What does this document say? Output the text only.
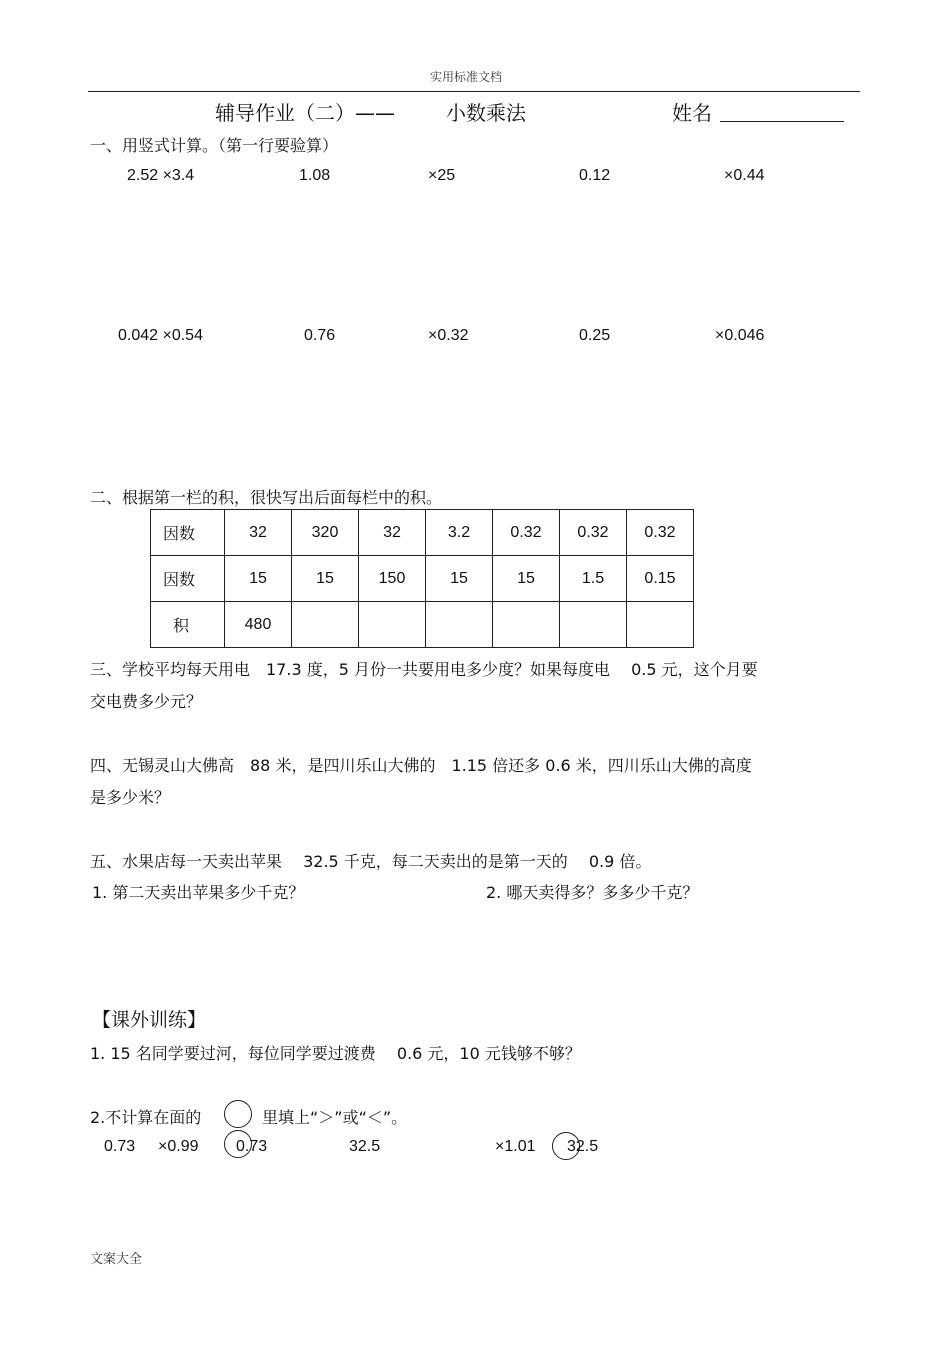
实用标准文档
辅导作业（二）——	小数乘法	姓名
一、用竖式计算。（第一行要验算）
2.52 ×3.4	1.08	×25	0.12	×0.44
0.042 ×0.54	0.76	×0.32	0.25	×0.046
二、根据第一栏的积，很快写出后面每栏中的积。
因数	32	320	32	3.2	0.32	0.32	0.32
因数	15	15	150	15	15	1.5	0.15
积	480						
三、学校平均每天用电　17.3 度，5 月份一共要用电多少度？如果每度电　 0.5 元，这个月要
交电费多少元？
四、无锡灵山大佛高　88 米，是四川乐山大佛的　1.15 倍还多 0.6 米，四川乐山大佛的高度
是多少米？
五、水果店每一天卖出苹果　 32.5 千克，每二天卖出的是第一天的　 0.9 倍。
1. 第二天卖出苹果多少千克？	2. 哪天卖得多？多多少千克？
【课外训练】
1. 15 名同学要过河，每位同学要过渡费　 0.6 元，10 元钱够不够？
2.不计算在面的	里填上“＞”或“＜”。
0.73 ×0.99 0.73	32.5	×1.01 32.5
文案大全
